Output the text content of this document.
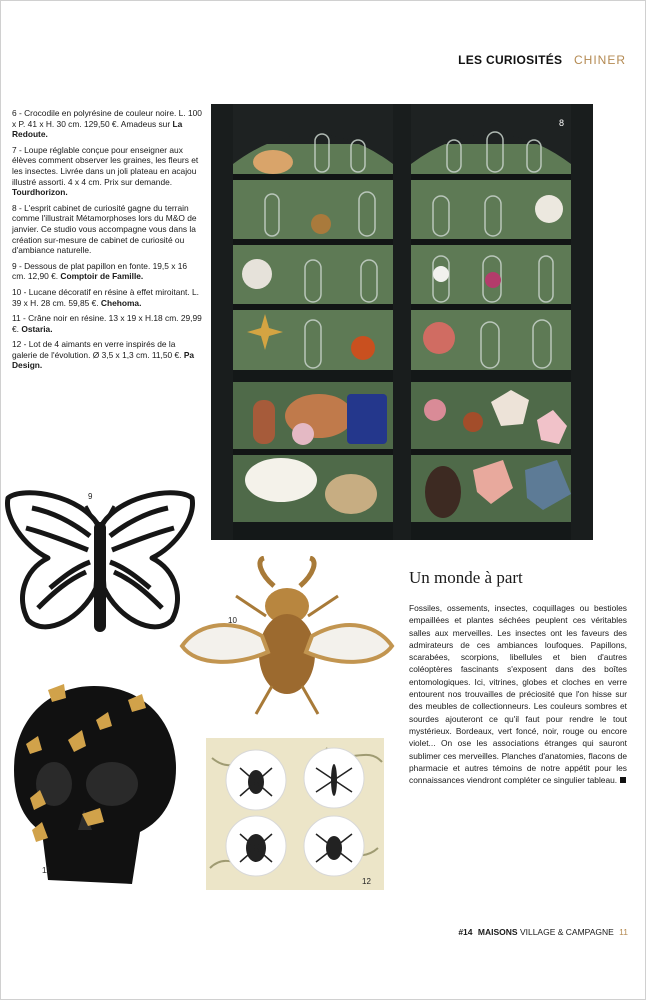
LES CURIOSITÉS CHINER
6 - Crocodile en polyrésine de couleur noire. L. 100 x P. 41 x H. 30 cm. 129,50 €. Amadeus sur La Redoute.
7 - Loupe réglable conçue pour enseigner aux élèves comment observer les graines, les fleurs et les insectes. Livrée dans un joli plateau en acajou illustré assorti. 4 x 4 cm. Prix sur demande. Tourdhorizon.
8 - L'esprit cabinet de curiosité gagne du terrain comme l'illustrait Métamorphoses lors du M&O de janvier. Ce studio vous accompagne vous dans la création sur-mesure de cabinet de curiosité ou d'ambiance naturelle.
9 - Dessous de plat papillon en fonte. 19,5 x 16 cm. 12,90 €. Comptoir de Famille.
10 - Lucane décoratif en résine à effet miroitant. L. 39 x H. 28 cm. 59,85 €. Chehoma.
11 - Crâne noir en résine. 13 x 19 x H.18 cm. 29,99 €. Ostaria.
12 - Lot de 4 aimants en verre inspirés de la galerie de l'évolution. Ø 3,5 x 1,3 cm. 11,50 €. Pa Design.
8
9
10
11
12
Un monde à part

Fossiles, ossements, insectes, coquillages ou bestioles empaillées et plantes séchées peuplent ces véritables salles aux merveilles. Les insectes ont les faveurs des admirateurs de ces ambiances loufoques. Papillons, scarabées, scorpions, libellules et bien d'autres coléoptères fascinants s'exposent dans des boîtes entomologiques. Ici, vitrines, globes et cloches en verre entourent nos trouvailles de préciosité que l'on hisse sur des meubles de collectionneurs. Les couleurs sombres et sourdes ajouteront ce qu'il faut pour rendre le tout mystérieux. Bordeaux, vert foncé, noir, rouge ou encore violet... On ose les associations étranges qui sauront sublimer ces merveilles. Planches d'anatomies, flacons de pharmacie et autres témoins de notre appétit pour les connaissances viendront compléter ce singulier tableau.

#14 MAISONS VILLAGE & CAMPAGNE 11
